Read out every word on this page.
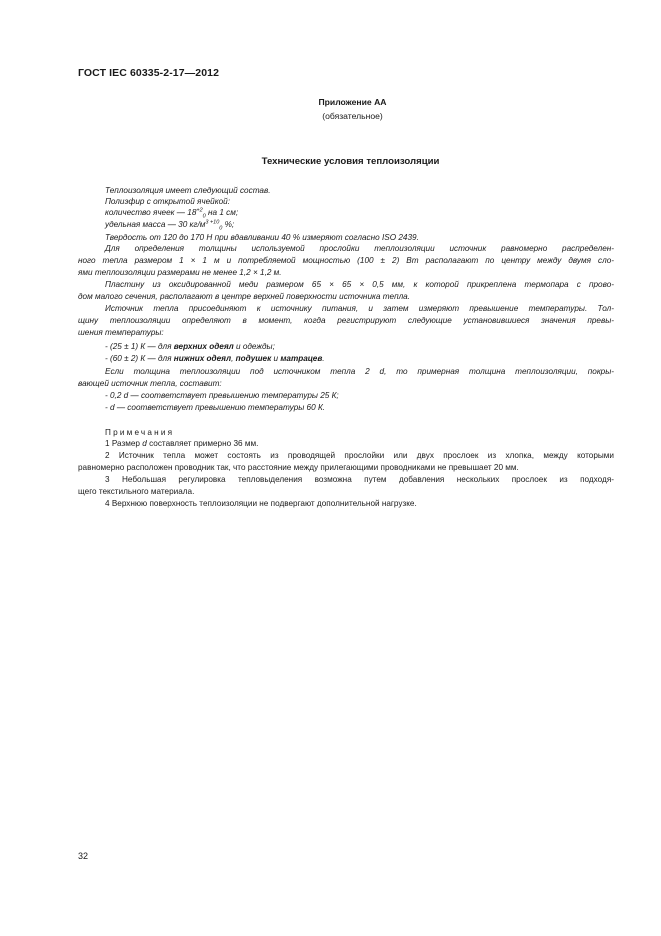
ГОСТ IEC 60335-2-17—2012
Приложение АА
(обязательное)
Технические условия теплоизоляции
Теплоизоляция имеет следующий состав.
Полиэфир с открытой ячейкой:
количество ячеек — $18^{+2}_0$ на 1 см;
удельная масса — 30 $кг/м^{3 +10}_0$ %;
Твердость от 120 до 170 Н при вдавливании 40 % измеряют согласно ISO 2439.
Для определения толщины используемой прослойки теплоизоляции источник равномерно распределен-
ного тепла размером 1 × 1 м и потребляемой мощностью (100 ± 2) Вт располагают по центру между двумя сло-
ями теплоизоляции размерами не менее 1,2 × 1,2 м.
Пластину из оксидированной меди размером 65 × 65 × 0,5 мм, к которой прикреплена термопара с прово-
дом малого сечения, располагают в центре верхней поверхности источника тепла.
Источник тепла присоединяют к источнику питания, и затем измеряют превышение температуры. Тол-
щину теплоизоляции определяют в момент, когда регистрируют следующие установившиеся значения превы-
шения температуры:
- (25 ± 1) К — для верхних одеял и одежды;
- (60 ± 2) К — для нижних одеял, подушек и матрацев.
Если толщина теплоизоляции под источником тепла 2 d, то примерная толщина теплоизоляции, покры-
вающей источник тепла, составит:
- 0,2 d — соответствует превышению температуры 25 К;
- d — соответствует превышению температуры 60 К.
Примечания
1 Размер d составляет примерно 36 мм.
2 Источник тепла может состоять из проводящей прослойки или двух прослоек из хлопка, между которыми
равномерно расположен проводник так, что расстояние между прилегающими проводниками не превышает 20 мм.
3 Небольшая регулировка тепловыделения возможна путем добавления нескольких прослоек из подходя-
щего текстильного материала.
4 Верхнюю поверхность теплоизоляции не подвергают дополнительной нагрузке.
32
